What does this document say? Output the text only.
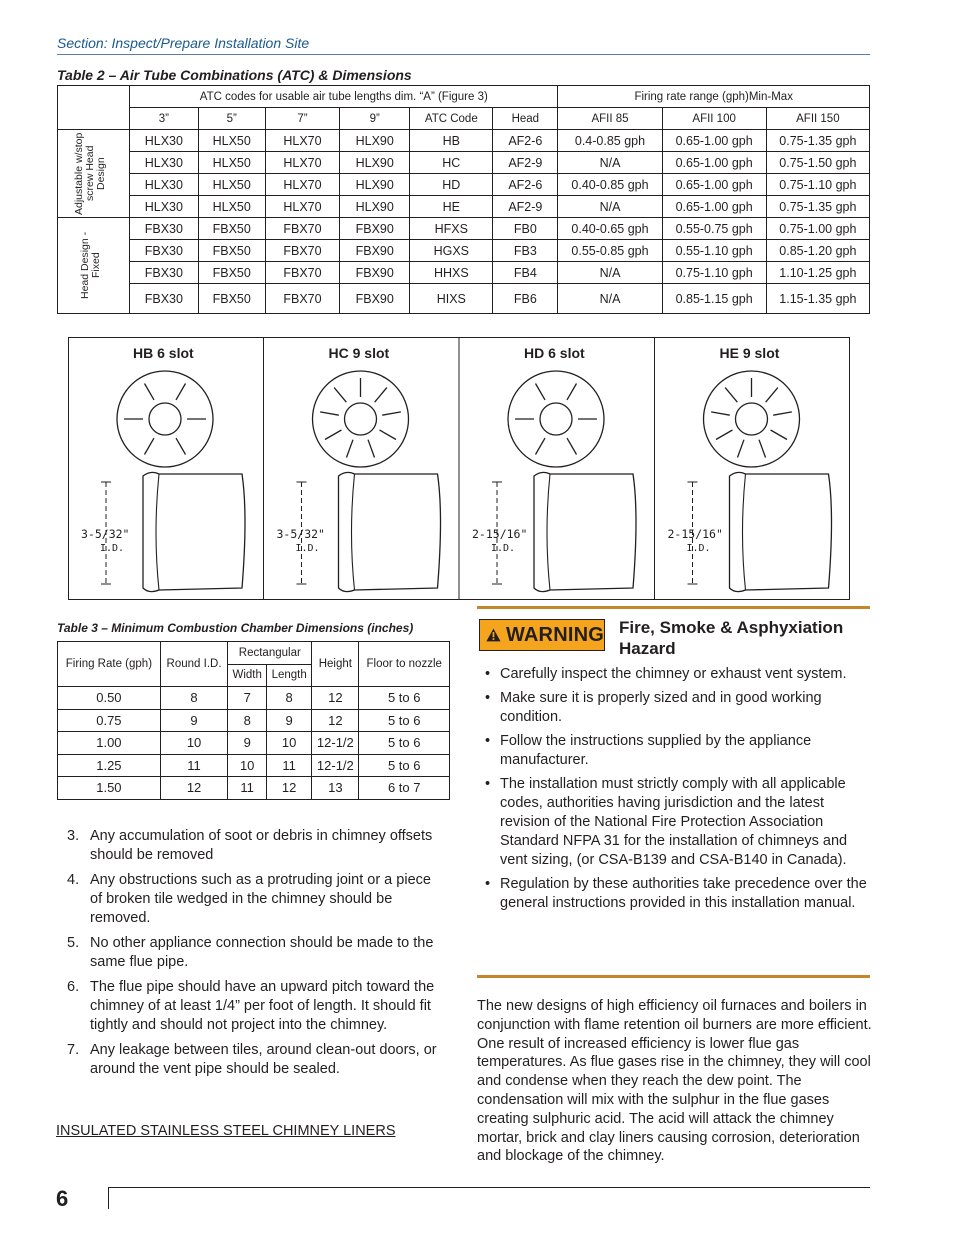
Section: Inspect/Prepare Installation Site
Table 2 – Air Tube Combinations (ATC) & Dimensions
	ATC codes for usable air tube lengths dim. “A” (Figure 3)						Firing rate range (gph)Min-Max		
	3”	5”	7”	9”	ATC Code	Head	AFII 85	AFII 100	AFII 150

Adjustable w/stop screw Head Design	HLX30	HLX50	HLX70	HLX90	HB	AF2-6	0.4-0.85 gph	0.65-1.00 gph	0.75-1.35 gph
	HLX30	HLX50	HLX70	HLX90	HC	AF2-9	N/A	0.65-1.00 gph	0.75-1.50 gph
	HLX30	HLX50	HLX70	HLX90	HD	AF2-6	0.40-0.85 gph	0.65-1.00 gph	0.75-1.10 gph
	HLX30	HLX50	HLX70	HLX90	HE	AF2-9	N/A	0.65-1.00 gph	0.75-1.35 gph

Head Design - Fixed	FBX30	FBX50	FBX70	FBX90	HFXS	FB0	0.40-0.65 gph	0.55-0.75 gph	0.75-1.00 gph
	FBX30	FBX50	FBX70	FBX90	HGXS	FB3	0.55-0.85 gph	0.55-1.10 gph	0.85-1.20 gph
	FBX30	FBX50	FBX70	FBX90	HHXS	FB4	N/A	0.75-1.10 gph	1.10-1.25 gph
	FBX30	FBX50	FBX70	FBX90	HIXS	FB6	N/A	0.85-1.15 gph	1.15-1.35 gph
HB 6 slot
3-5/32"
I.D.
HC 9 slot
3-5/32"
I.D.
HD 6 slot
2-15/16"
I.D.
HE 9 slot
2-15/16"
I.D.
Table 3 – Minimum Combustion Chamber Dimensions (inches)
Firing Rate (gph)	Round I.D.	Rectangular		Height	Floor to nozzle
		Width	Length		
0.50	8	7	8	12	5 to 6
0.75	9	8	9	12	5 to 6
1.00	10	9	10	12-1/2	5 to 6
1.25	11	10	11	12-1/2	5 to 6
1.50	12	11	12	13	6 to 7
3. Any accumulation of soot or debris in chimney offsets should be removed
4. Any obstructions such as a protruding joint or a piece of broken tile wedged in the chimney should be removed.
5. No other appliance connection should be made to the same flue pipe.
6. The flue pipe should have an upward pitch toward the chimney of at least 1/4” per foot of length. It should fit tightly and should not project into the chimney.
7. Any leakage between tiles, around clean-out doors, or around the vent pipe should be sealed.
INSULATED STAINLESS STEEL CHIMNEY LINERS
WARNING Fire, Smoke & Asphyxiation Hazard
• Carefully inspect the chimney or exhaust vent system.
• Make sure it is properly sized and in good working condition.
• Follow the instructions supplied by the appliance manufacturer.
• The installation must strictly comply with all applicable codes, authorities having jurisdiction and the latest revision of the National Fire Protection Association Standard NFPA 31 for the installation of chimneys and vent sizing, (or CSA-B139 and CSA-B140 in Canada).
• Regulation by these authorities take precedence over the general instructions provided in this installation manual.
The new designs of high efficiency oil furnaces and boilers in conjunction with flame retention oil burners are more efficient. One result of increased efficiency is lower flue gas temperatures. As flue gases rise in the chimney, they will cool and condense when they reach the dew point. The condensation will mix with the sulphur in the flue gases creating sulphuric acid. The acid will attack the chimney mortar, brick and clay liners causing corrosion, deterioration and blockage of the chimney.
6
